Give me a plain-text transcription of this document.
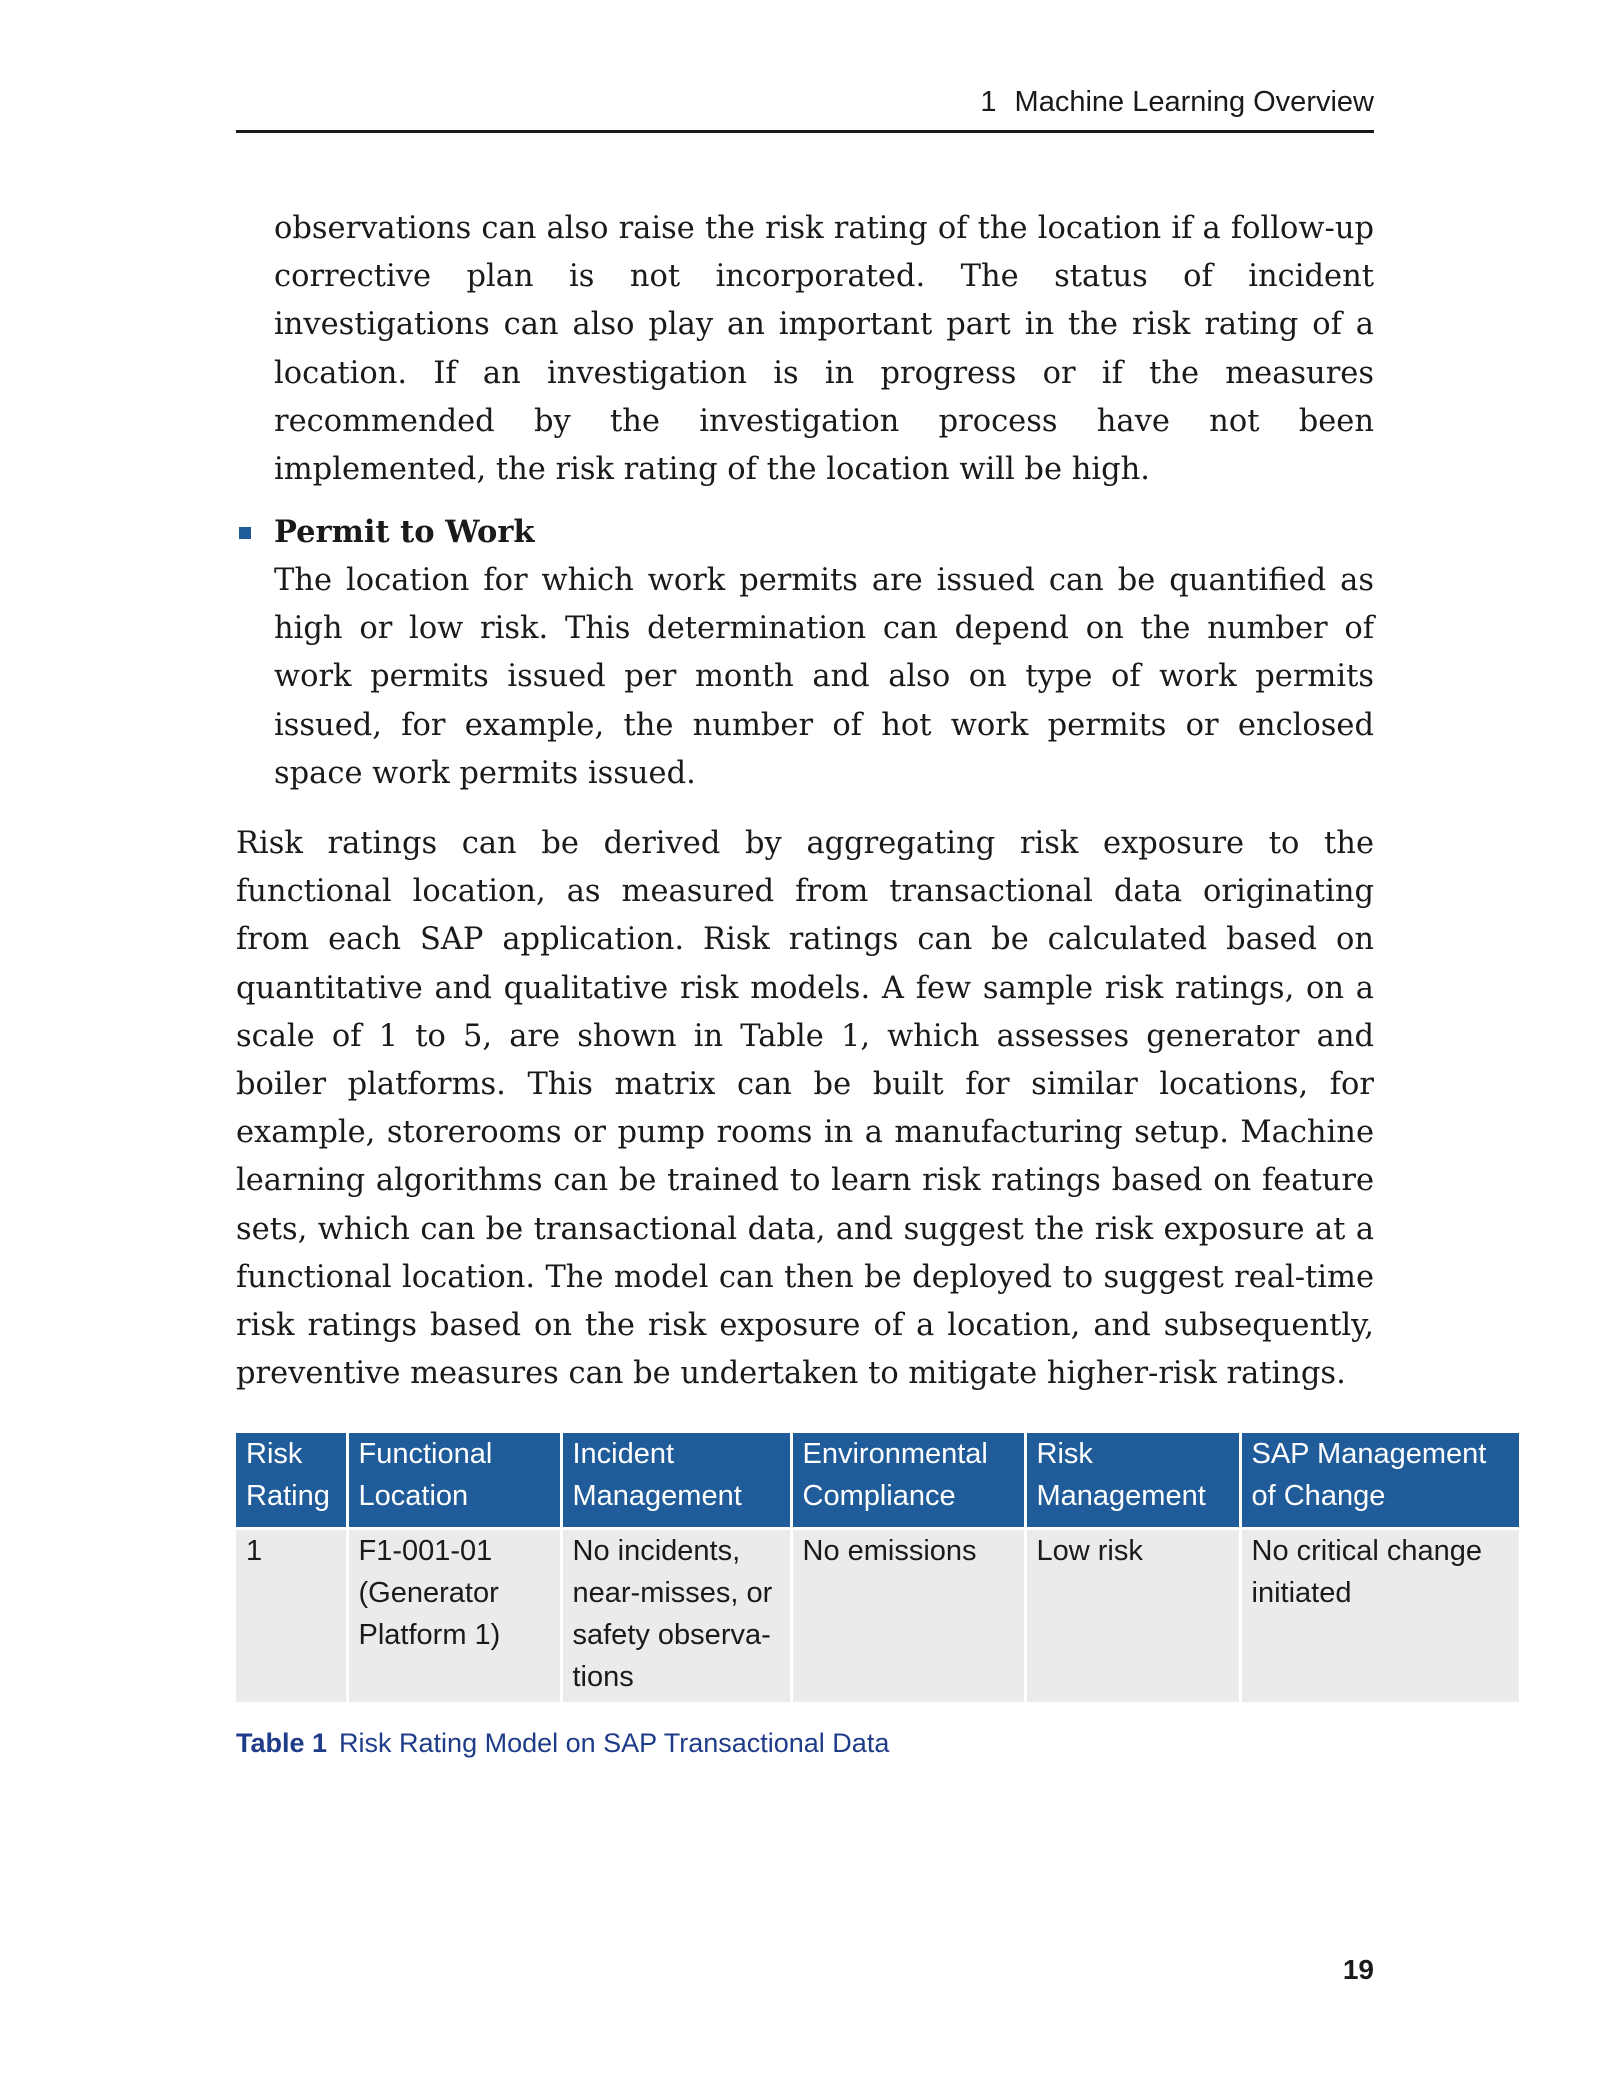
1 Machine Learning Overview
observations can also raise the risk rating of the location if a follow-up corrective plan is not incorporated. The status of incident investigations can also play an important part in the risk rating of a location. If an investigation is in progress or if the measures recommended by the investigation process have not been implemented, the risk rating of the location will be high.
Permit to Work
The location for which work permits are issued can be quantified as high or low risk. This determination can depend on the number of work permits issued per month and also on type of work permits issued, for example, the number of hot work permits or enclosed space work permits issued.
Risk ratings can be derived by aggregating risk exposure to the functional location, as measured from transactional data originating from each SAP application. Risk ratings can be calculated based on quantitative and qualitative risk models. A few sample risk ratings, on a scale of 1 to 5, are shown in Table 1, which assesses generator and boiler platforms. This matrix can be built for similar locations, for example, storerooms or pump rooms in a manufacturing setup. Machine learning algorithms can be trained to learn risk ratings based on feature sets, which can be transactional data, and suggest the risk exposure at a functional location. The model can then be deployed to suggest real-time risk ratings based on the risk exposure of a location, and subsequently, preventive measures can be undertaken to mitigate higher-risk ratings.
Risk Rating	Functional Location	Incident Management	Environmental Compliance	Risk Management	SAP Management of Change
1	F1-001-01 (Generator Platform 1)	No incidents, near-misses, or safety observations	No emissions	Low risk	No critical change initiated
Table 1 Risk Rating Model on SAP Transactional Data
19
